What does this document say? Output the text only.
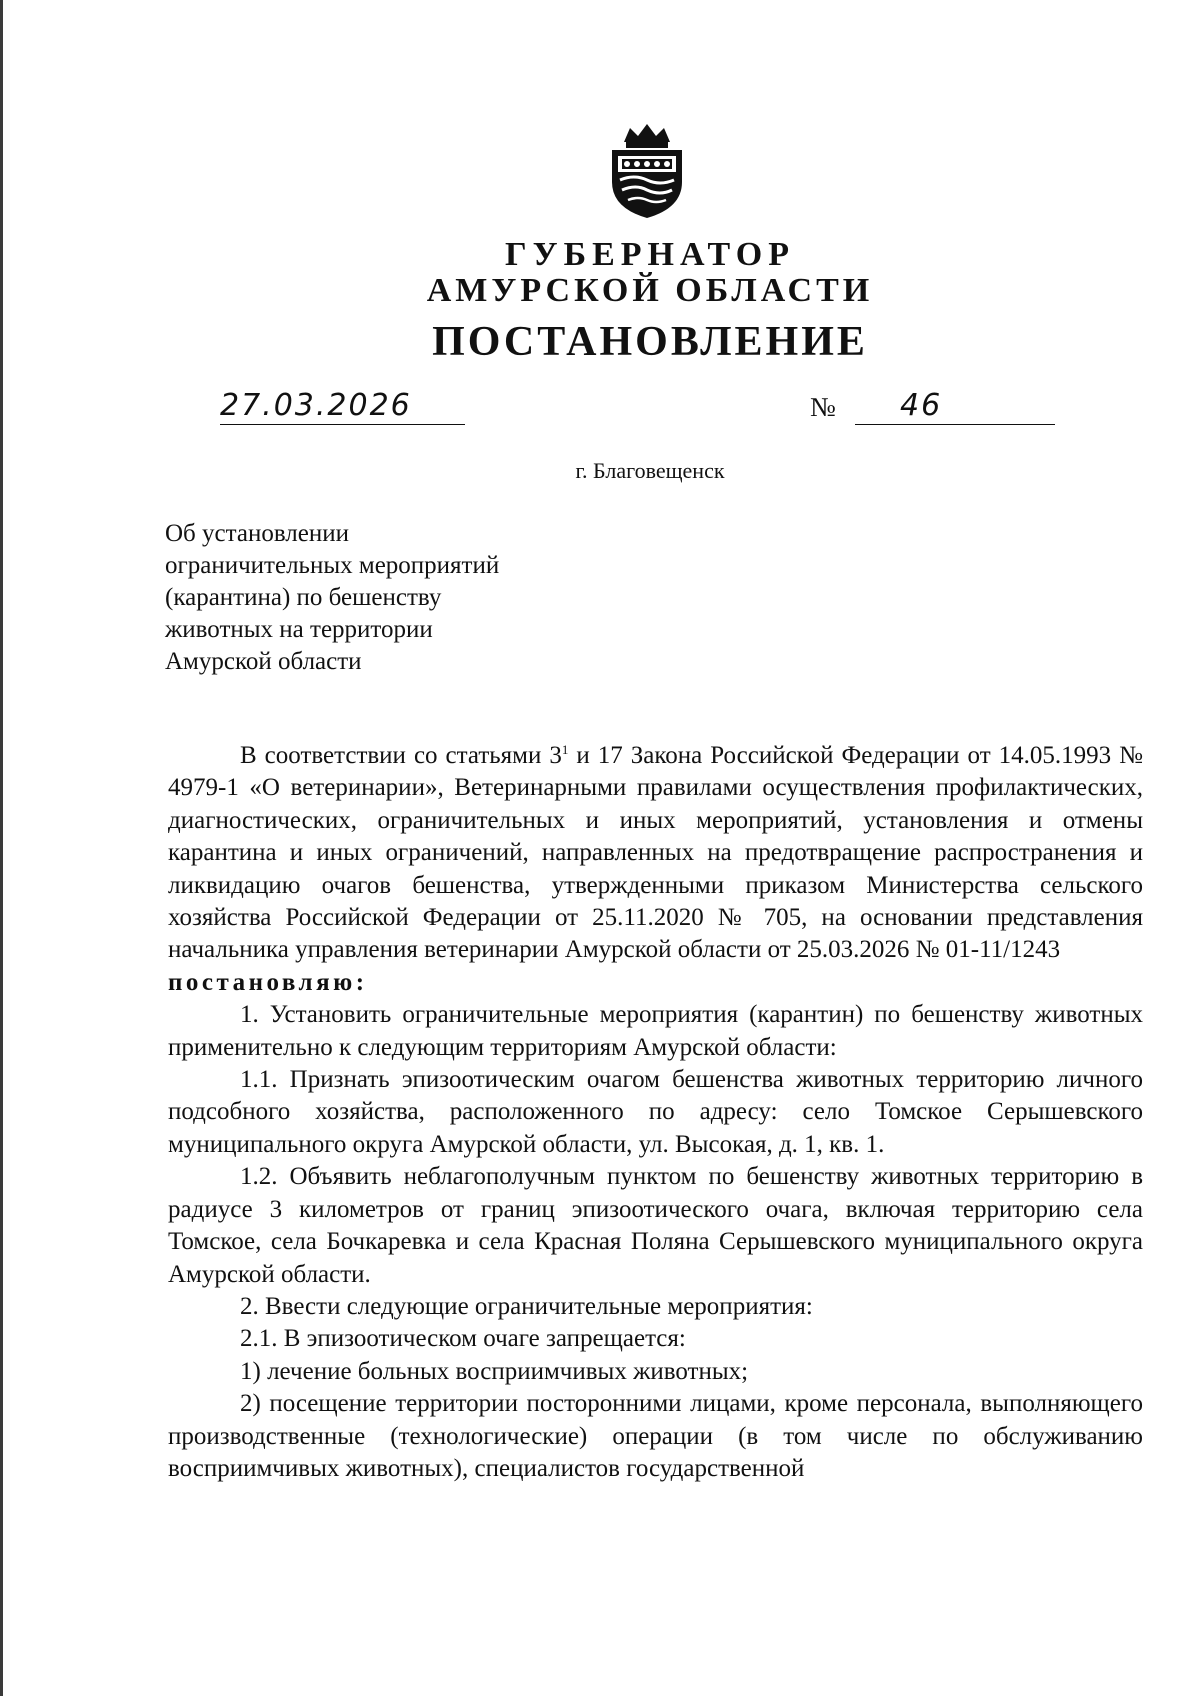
ГУБЕРНАТОР
АМУРСКОЙ ОБЛАСТИ
ПОСТАНОВЛЕНИЕ
27.03.2026	№ 46

г. Благовещенск

Об установлении
ограничительных мероприятий
(карантина) по бешенству
животных на территории
Амурской области

В соответствии со статьями $3^1$ и 17 Закона Российской Федерации от 14.05.1993 № 4979-1 «О ветеринарии», Ветеринарными правилами осуществления профилактических, диагностических, ограничительных и иных мероприятий, установления и отмены карантина и иных ограничений, направленных на предотвращение распространения и ликвидацию очагов бешенства, утвержденными приказом Министерства сельского хозяйства Российской Федерации от 25.11.2020 № 705, на основании представления начальника управления ветеринарии Амурской области от 25.03.2026 № 01-11/1243

постановляю:

1. Установить ограничительные мероприятия (карантин) по бешенству животных применительно к следующим территориям Амурской области:

1.1. Признать эпизоотическим очагом бешенства животных территорию личного подсобного хозяйства, расположенного по адресу: село Томское Серышевского муниципального округа Амурской области, ул. Высокая, д. 1, кв. 1.

1.2. Объявить неблагополучным пунктом по бешенству животных территорию в радиусе 3 километров от границ эпизоотического очага, включая территорию села Томское, села Бочкаревка и села Красная Поляна Серышевского муниципального округа Амурской области.

2. Ввести следующие ограничительные мероприятия:

2.1. В эпизоотическом очаге запрещается:

1) лечение больных восприимчивых животных;

2) посещение территории посторонними лицами, кроме персонала, выполняющего производственные (технологические) операции (в том числе по обслуживанию восприимчивых животных), специалистов государственной
